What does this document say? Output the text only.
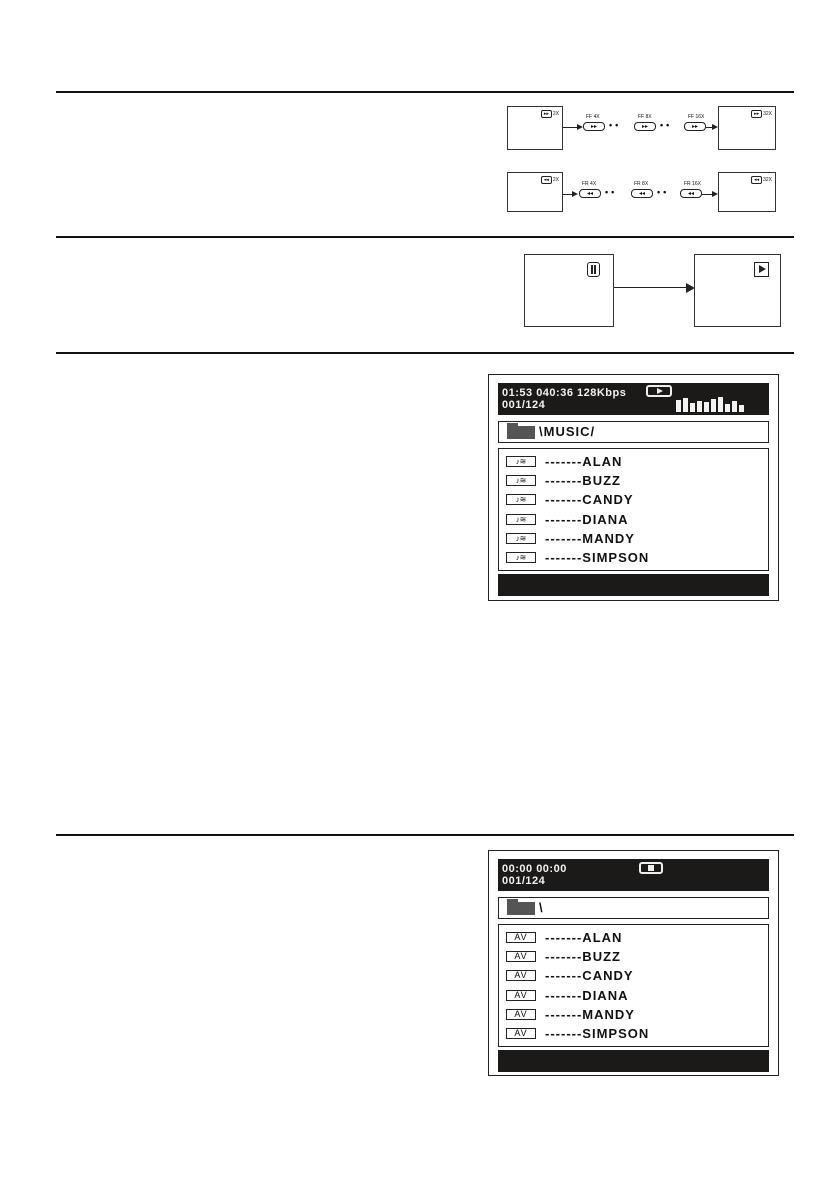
▸▸ 2X	FF 4X
▸▸	••
FF 8X
▸▸	••
FF 16X
▸▸
▸▸ 32X
◂◂ 2X
FR 4X
◂◂	••
FR 8X
◂◂	••
FR 16X
◂◂
◂◂ 32X
01:53 040:36 128Kbps
001/124
\MUSIC/
♪≋	-------ALAN
♪≋	-------BUZZ
♪≋	-------CANDY
♪≋	-------DIANA
♪≋	-------MANDY
♪≋	-------SIMPSON
00:00 00:00
001/124
\
AV	-------ALAN
AV	-------BUZZ
AV	-------CANDY
AV	-------DIANA
AV	-------MANDY
AV	-------SIMPSON
